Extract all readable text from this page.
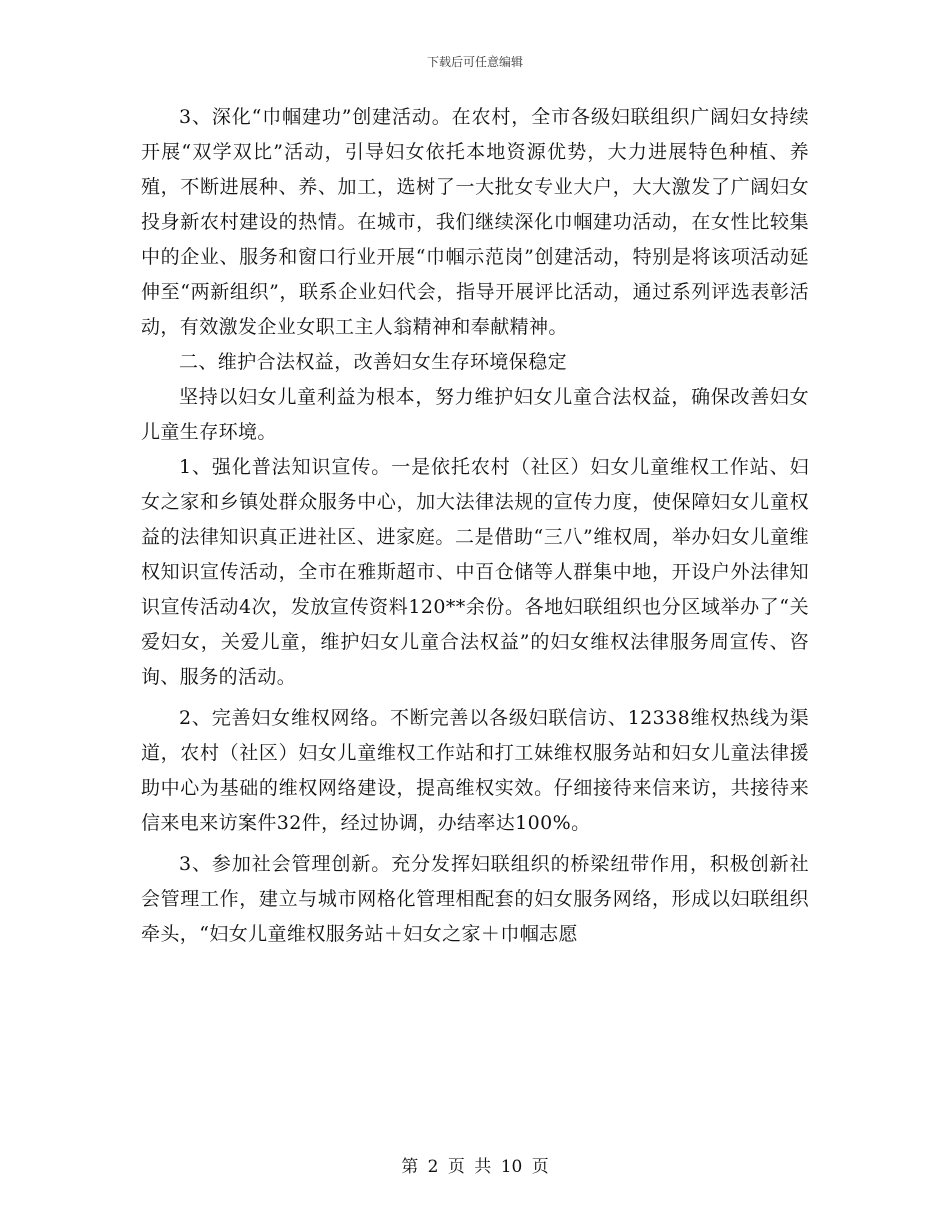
下载后可任意编辑

3、深化“巾帼建功”创建活动。在农村，全市各级妇联组织广阔妇女持续开展“双学双比”活动，引导妇女依托本地资源优势，大力进展特色种植、养殖，不断进展种、养、加工，选树了一大批女专业大户，大大激发了广阔妇女投身新农村建设的热情。在城市，我们继续深化巾帼建功活动，在女性比较集中的企业、服务和窗口行业开展“巾帼示范岗”创建活动，特别是将该项活动延伸至“两新组织”，联系企业妇代会，指导开展评比活动，通过系列评选表彰活动，有效激发企业女职工主人翁精神和奉献精神。

二、维护合法权益，改善妇女生存环境保稳定

坚持以妇女儿童利益为根本，努力维护妇女儿童合法权益，确保改善妇女儿童生存环境。

1、强化普法知识宣传。一是依托农村（社区）妇女儿童维权工作站、妇女之家和乡镇处群众服务中心，加大法律法规的宣传力度，使保障妇女儿童权益的法律知识真正进社区、进家庭。二是借助“三八”维权周，举办妇女儿童维权知识宣传活动，全市在雅斯超市、中百仓储等人群集中地，开设户外法律知识宣传活动4次，发放宣传资料120**余份。各地妇联组织也分区域举办了“关爱妇女，关爱儿童，维护妇女儿童合法权益”的妇女维权法律服务周宣传、咨询、服务的活动。

2、完善妇女维权网络。不断完善以各级妇联信访、12338维权热线为渠道，农村（社区）妇女儿童维权工作站和打工妹维权服务站和妇女儿童法律援助中心为基础的维权网络建设，提高维权实效。仔细接待来信来访，共接待来信来电来访案件32件，经过协调，办结率达100%。

3、参加社会管理创新。充分发挥妇联组织的桥梁纽带作用，积极创新社会管理工作，建立与城市网格化管理相配套的妇女服务网络，形成以妇联组织牵头，“妇女儿童维权服务站＋妇女之家＋巾帼志愿

第 2 页 共 10 页
